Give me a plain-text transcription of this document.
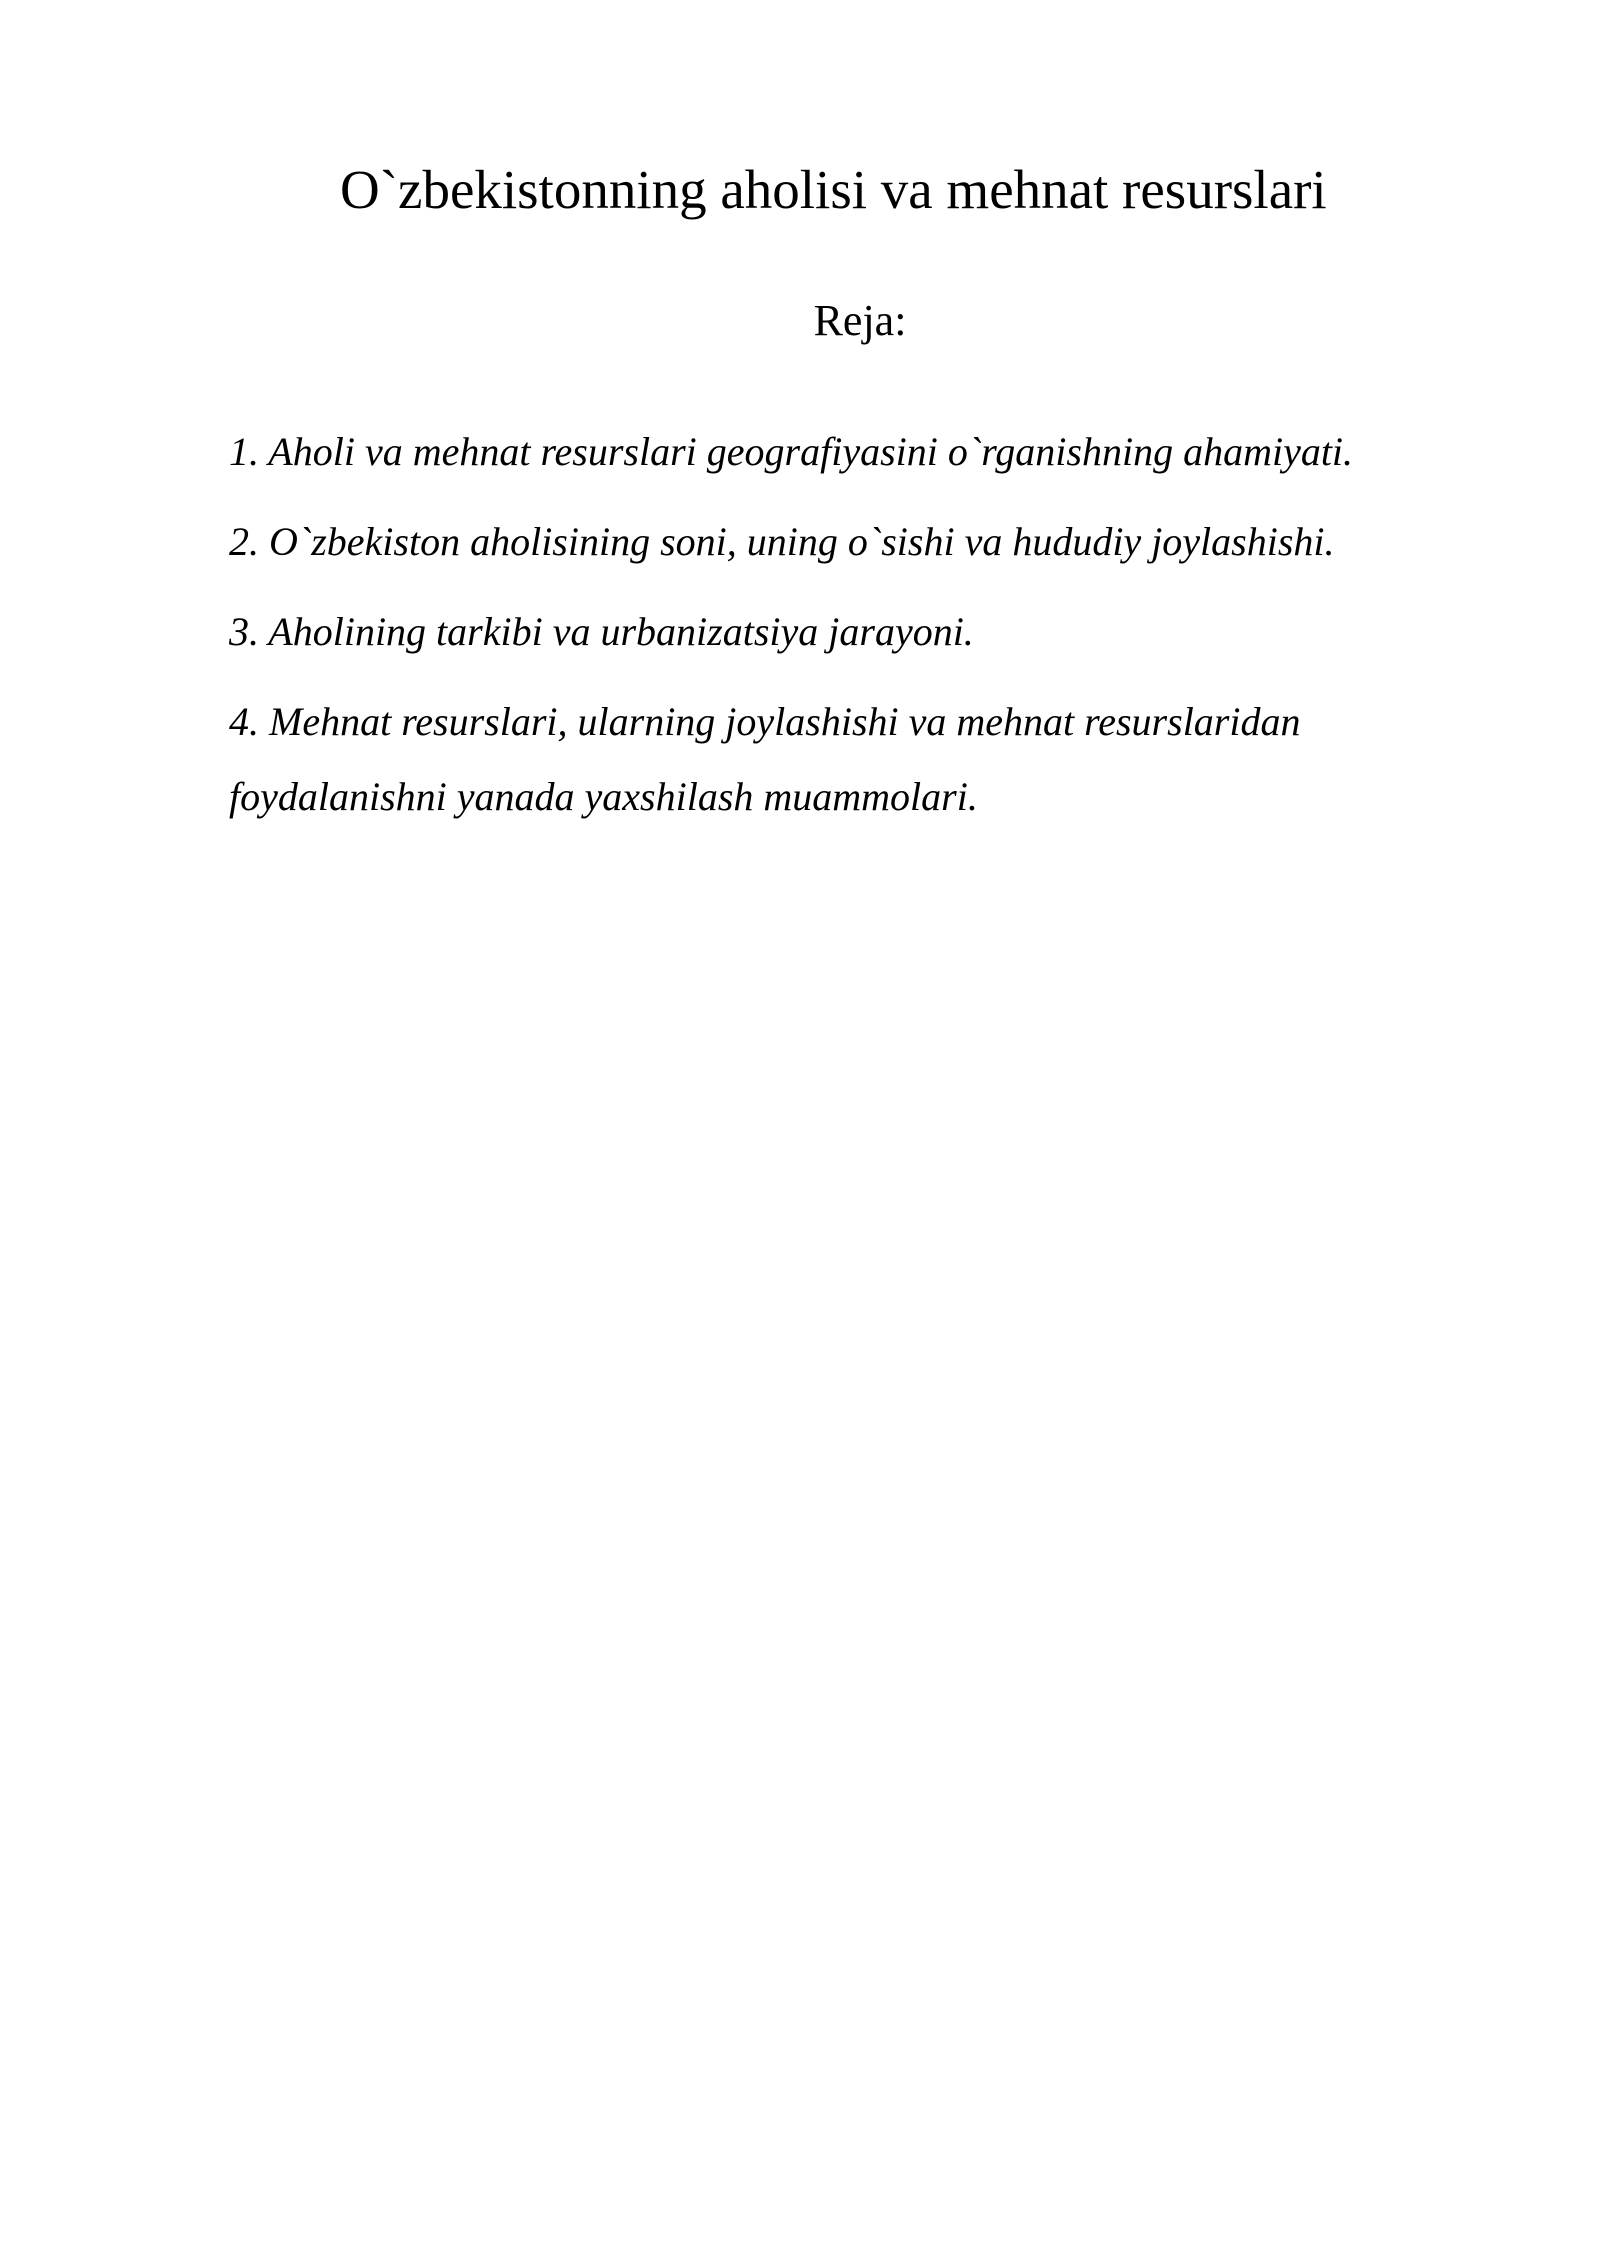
O`zbekistonning aholisi va mehnat resurslari
Reja:
1. Aholi va mehnat resurslari geografiyasini o`rganishning ahamiyati.
2. O`zbekiston aholisining soni, uning o`sishi va hududiy joylashishi.
3. Aholining tarkibi va urbanizatsiya jarayoni.
4. Mehnat resurslari, ularning joylashishi va mehnat resurslaridan foydalanishni yanada yaxshilash muammolari.
